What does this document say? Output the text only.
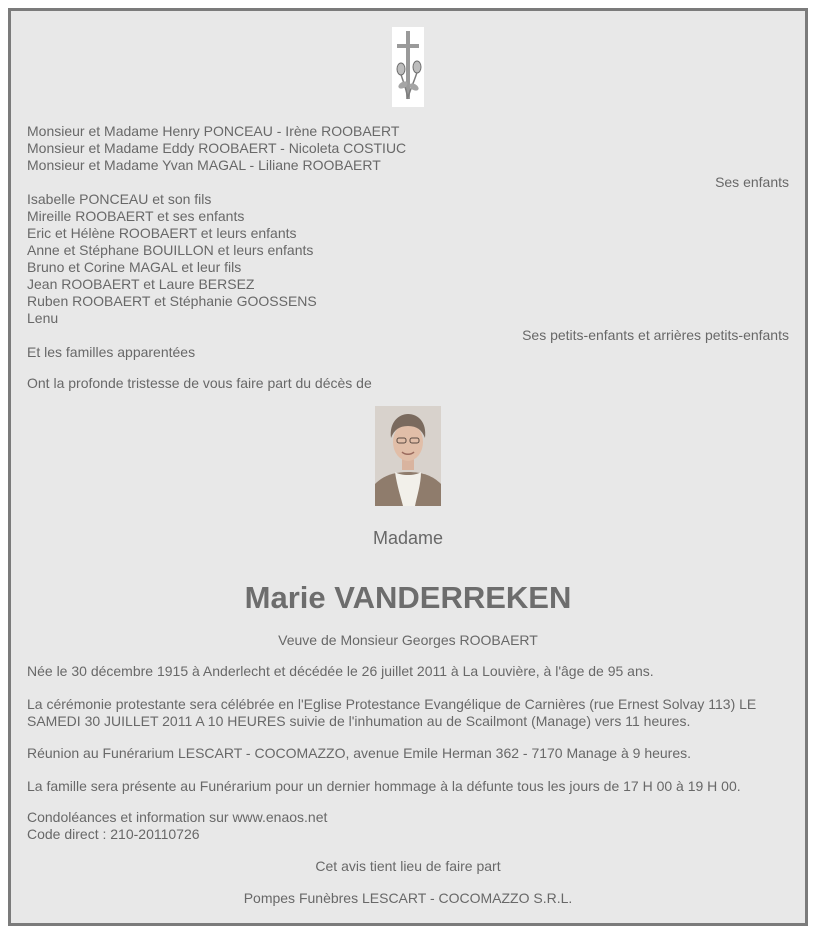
Monsieur et Madame Henry PONCEAU - Irène ROOBAERT
Monsieur et Madame Eddy ROOBAERT - Nicoleta COSTIUC
Monsieur et Madame Yvan MAGAL - Liliane ROOBAERT
Ses enfants
Isabelle PONCEAU et son fils
Mireille ROOBAERT et ses enfants
Eric et Hélène ROOBAERT et leurs enfants
Anne et Stéphane BOUILLON et leurs enfants
Bruno et Corine MAGAL et leur fils
Jean ROOBAERT et Laure BERSEZ
Ruben ROOBAERT et Stéphanie GOOSSENS
Lenu
Ses petits-enfants et arrières petits-enfants
Et les familles apparentées
Ont la profonde tristesse de vous faire part du décès de
Madame
Marie VANDERREKEN
Veuve de Monsieur Georges ROOBAERT
Née le 30 décembre 1915 à Anderlecht et décédée le 26 juillet 2011 à La Louvière, à l'âge de 95 ans.
La cérémonie protestante sera célébrée en l'Eglise Protestance Evangélique de Carnières (rue Ernest Solvay 113) LE
SAMEDI 30 JUILLET 2011 A 10 HEURES suivie de l'inhumation au de Scailmont (Manage) vers 11 heures.
Réunion au Funérarium LESCART - COCOMAZZO, avenue Emile Herman 362 - 7170 Manage à 9 heures.
La famille sera présente au Funérarium pour un dernier hommage à la défunte tous les jours de 17 H 00 à 19 H 00.
Condoléances et information sur www.enaos.net
Code direct : 210-20110726
Cet avis tient lieu de faire part
Pompes Funèbres LESCART - COCOMAZZO S.R.L.
